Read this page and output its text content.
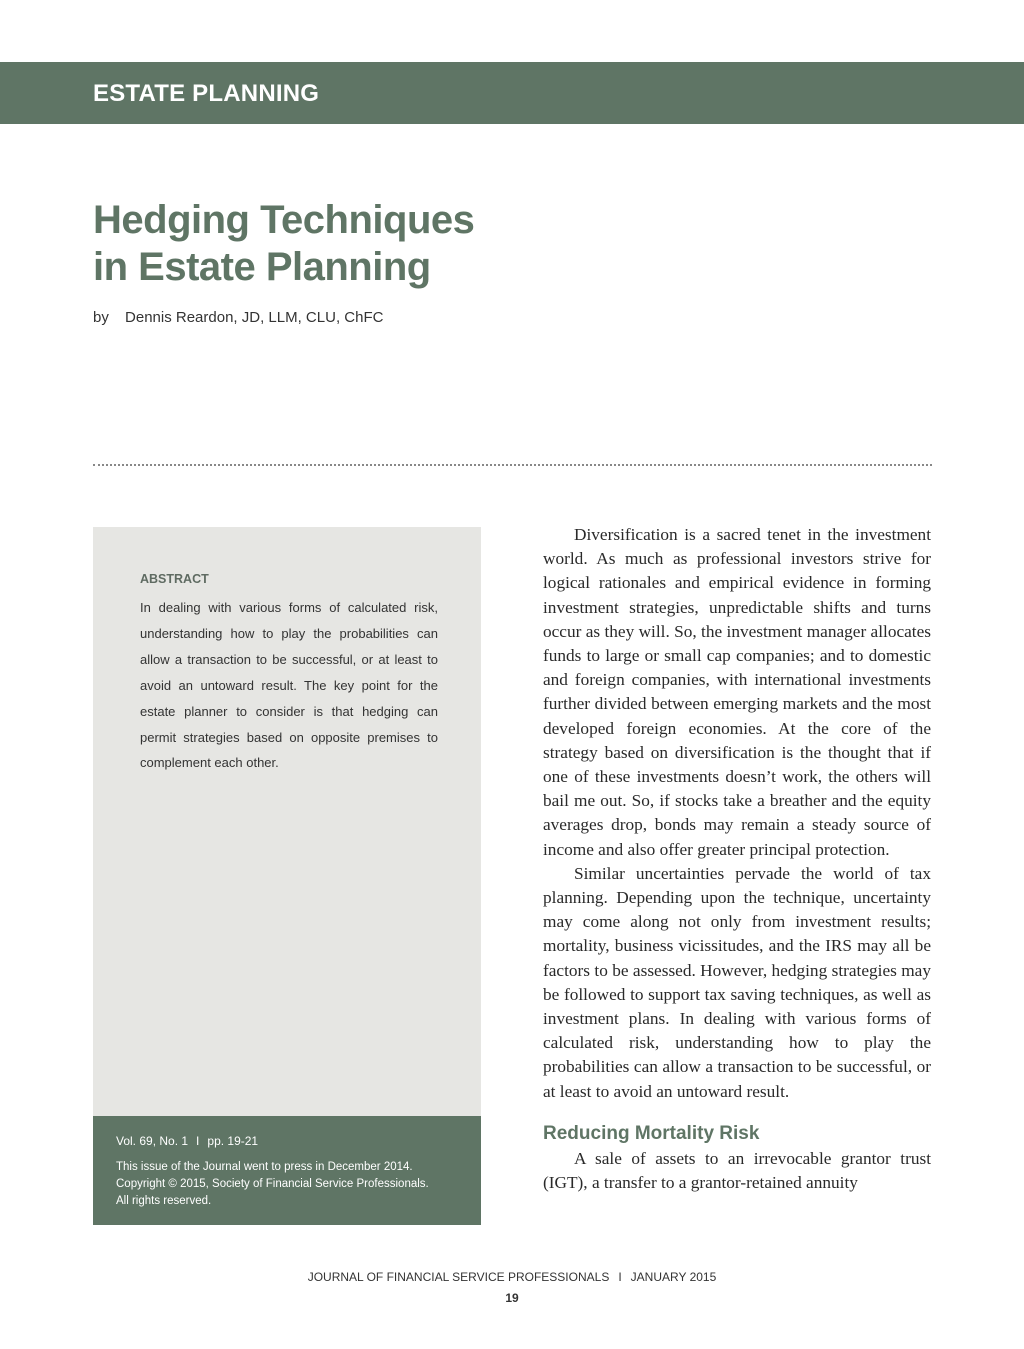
ESTATE PLANNING
Hedging Techniques
in Estate Planning
by Dennis Reardon, JD, LLM, CLU, ChFC
ABSTRACT

In dealing with various forms of calculated risk, understanding how to play the probabilities can allow a transaction to be successful, or at least to avoid an untoward result. The key point for the estate planner to consider is that hedging can permit strategies based on opposite premises to complement each other.

Vol. 69, No. 1 I pp. 19-21

This issue of the Journal went to press in December 2014.
Copyright © 2015, Society of Financial Service Professionals.
All rights reserved.

Diversification is a sacred tenet in the investment world. As much as professional investors strive for logical rationales and empirical evidence in forming investment strategies, unpredictable shifts and turns occur as they will. So, the investment manager allocates funds to large or small cap companies; and to domestic and foreign companies, with international investments further divided between emerging markets and the most developed foreign economies. At the core of the strategy based on diversification is the thought that if one of these investments doesn’t work, the others will bail me out. So, if stocks take a breather and the equity averages drop, bonds may remain a steady source of income and also offer greater principal protection.

Similar uncertainties pervade the world of tax planning. Depending upon the technique, uncertainty may come along not only from investment results; mortality, business vicissitudes, and the IRS may all be factors to be assessed. However, hedging strategies may be followed to support tax saving techniques, as well as investment plans. In dealing with various forms of calculated risk, understanding how to play the probabilities can allow a transaction to be successful, or at least to avoid an untoward result.

Reducing Mortality Risk

A sale of assets to an irrevocable grantor trust (IGT), a transfer to a grantor-retained annuity

JOURNAL OF FINANCIAL SERVICE PROFESSIONALS I JANUARY 2015
19
